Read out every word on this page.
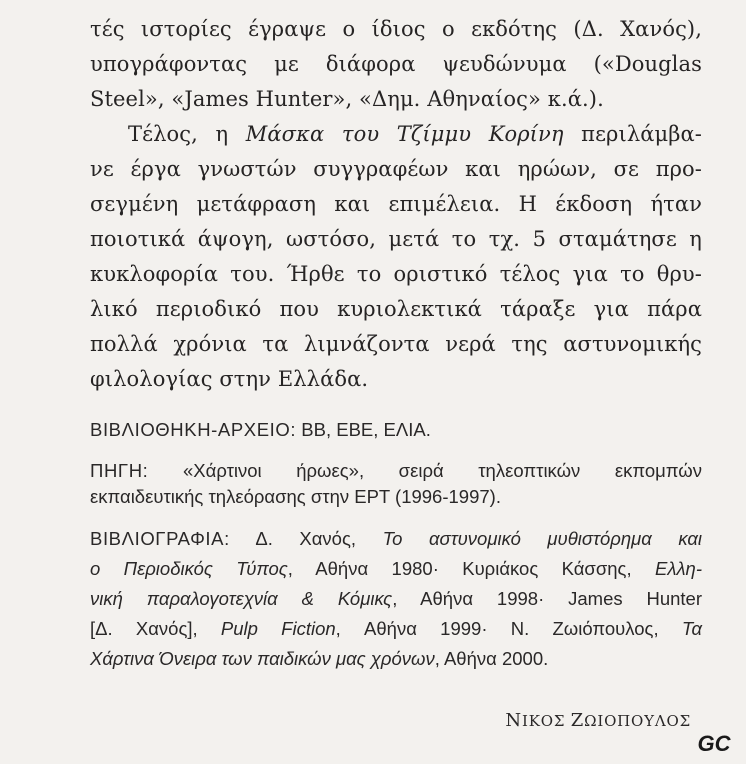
τές ιστορίες έγραψε ο ίδιος ο εκδότης (Δ. Χανός),
υπογράφοντας με διάφορα ψευδώνυμα («Douglas
Steel», «James Hunter», «Δημ. Αθηναίος» κ.ά.).

Τέλος, η Μάσκα του Τζίμμυ Κορίνη περιλάμβα-
νε έργα γνωστών συγγραφέων και ηρώων, σε προ-
σεγμένη μετάφραση και επιμέλεια. Η έκδοση ήταν
ποιοτικά άψογη, ωστόσο, μετά το τχ. 5 σταμάτησε η
κυκλοφορία του. Ήρθε το οριστικό τέλος για το θρυ-
λικό περιοδικό που κυριολεκτικά τάραξε για πάρα
πολλά χρόνια τα λιμνάζοντα νερά της αστυνομικής
φιλολογίας στην Ελλάδα.

ΒΙΒΛΙΟΘΗΚΗ-ΑΡΧΕΙΟ: ΒΒ, ΕΒΕ, ΕΛΙΑ.

ΠΗΓΗ: «Χάρτινοι ήρωες», σειρά τηλεοπτικών εκπομπών
εκπαιδευτικής τηλεόρασης στην ΕΡΤ (1996-1997).

ΒΙΒΛΙΟΓΡΑΦΙΑ: Δ. Χανός, Το αστυνομικό μυθιστόρημα και
ο Περιοδικός Τύπος, Αθήνα 1980· Κυριάκος Κάσσης, Ελλη-
νική παραλογοτεχνία & Κόμικς, Αθήνα 1998· James Hunter
[Δ. Χανός], Pulp Fiction, Αθήνα 1999· Ν. Ζωιόπουλος, Τα
Χάρτινα Όνειρα των παιδικών μας χρόνων, Αθήνα 2000.

ΝΙΚΟΣ ΖΩΙΟΠΟΥΛΟΣ
GC
